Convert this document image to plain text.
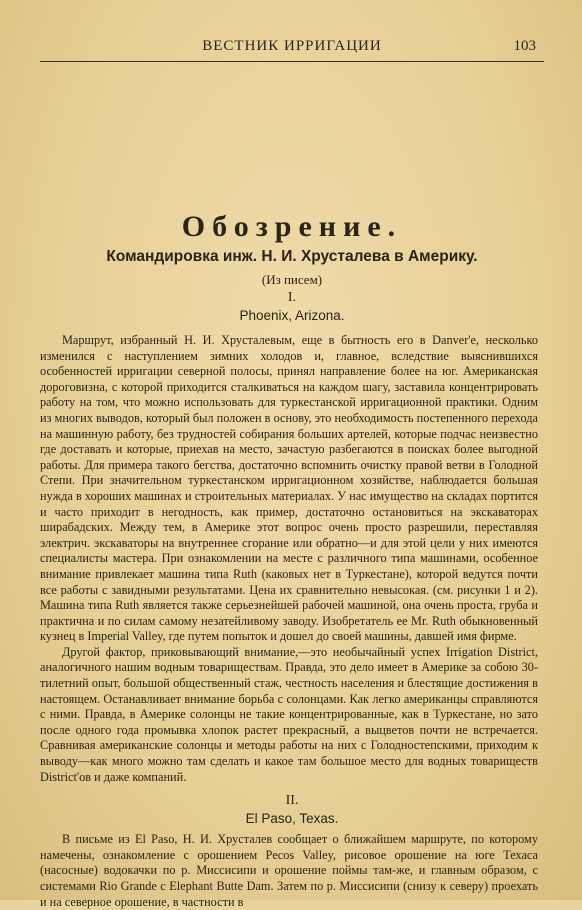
ВЕСТНИК ИРРИГАЦИИ	103
Обозрение.
Командировка инж. Н. И. Хрусталева в Америку.
(Из писем)
I.
Phoenix, Arizona.

Маршрут, избранный Н. И. Хрусталевым, еще в бытность его в Danver'е, несколько изменился с наступлением зимних холодов и, главное, вследствие выяснившихся особенностей ирригации северной полосы, принял направление более на юг. Американская дороговизна, с которой приходится сталкиваться на каждом шагу, заставила концентрировать работу на том, что можно использовать для туркестанской ирригационной практики. Одним из многих выводов, который был положен в основу, это необходимость постепенного перехода на машинную работу, без трудностей собирания больших артелей, которые подчас неизвестно где доставать и которые, приехав на место, зачастую разбегаются в поисках более выгодной работы. Для примера такого бегства, достаточно вспомнить очистку правой ветви в Голодной Степи. При значительном туркестанском ирригационном хозяйстве, наблюдается большая нужда в хороших машинах и строительных материалах. У нас имущество на складах портится и часто приходит в негодность, как пример, достаточно остановиться на экскаваторах ширабадских. Между тем, в Америке этот вопрос очень просто разрешили, переставляя электрич. экскаваторы на внутреннее сгорание или обратно—и для этой цели у них имеются специалисты мастера. При ознакомлении на месте с различного типа машинами, особенное внимание привлекает машина типа Ruth (каковых нет в Туркестане), которой ведутся почти все работы с завидными результатами. Цена их сравнительно невысокая. (см. рисунки 1 и 2). Машина типа Ruth является также серьезнейшей рабочей машиной, она очень проста, груба и практична и по силам самому незатейливому заводу. Изобретатель ее Mr. Ruth обыкновенный кузнец в Imperial Valley, где путем попыток и дошел до своей машины, давшей имя фирме.

Другой фактор, приковывающий внимание,—это необычайный успех Irrigation District, аналогичного нашим водным товариществам. Правда, это дело имеет в Америке за собою 30-тилетний опыт, большой общественный стаж, честность населения и блестящие достижения в настоящем. Останавливает внимание борьба с солонцами. Как легко американцы справляются с ними. Правда, в Америке солонцы не такие концентрированные, как в Туркестане, но зато после одного года промывка хлопок растет прекрасный, а выцветов почти не встречается. Сравнивая американские солонцы и методы работы на них с Голодностепскими, приходим к выводу—как много можно там сделать и какое там большое место для водных товариществ District'ов и даже компаний.

II.
El Paso, Texas.

В письме из El Paso, Н. И. Хрусталев сообщает о ближайшем маршруте, по которому намечены, ознакомление с орошением Pecos Valley, рисовое орошение на юге Техаса (насосные) водокачки по р. Миссисипи и орошение поймы там-же, и главным образом, с системами Rio Grande с Elephant Butte Dam. Затем по р. Миссисипи (снизу к северу) проехать и на северное орошение, в частности в
